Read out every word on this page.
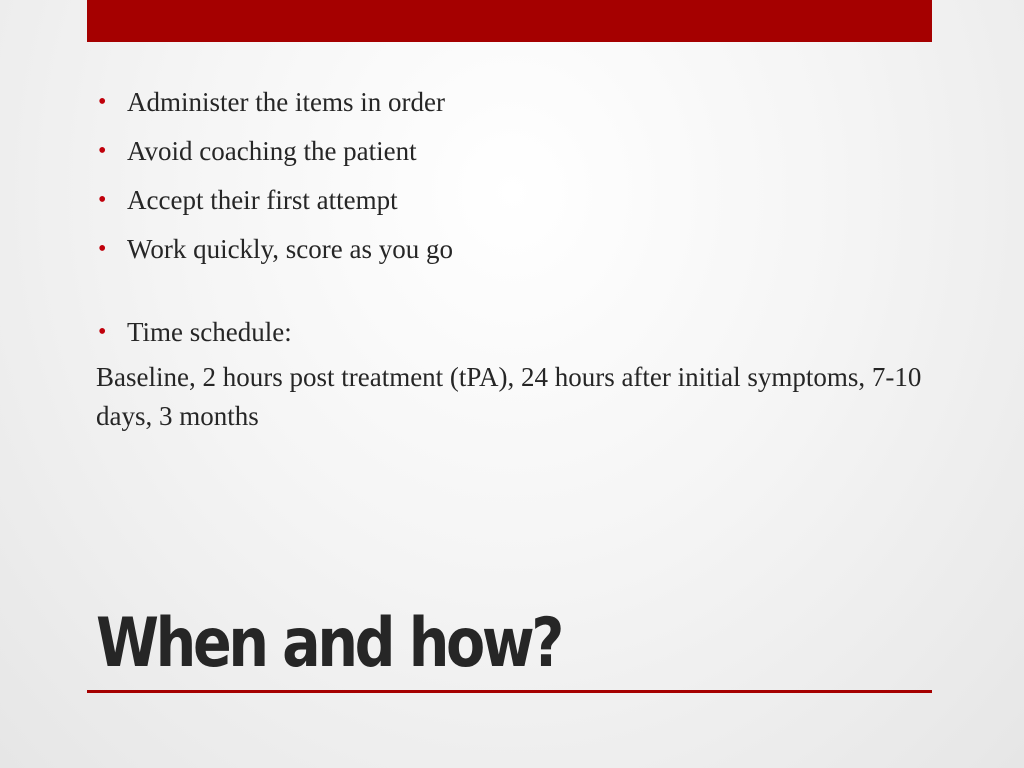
• Administer the items in order
• Avoid coaching the patient
• Accept their first attempt
• Work quickly, score as you go
• Time schedule:

Baseline, 2 hours post treatment (tPA), 24 hours after initial symptoms, 7-10 days, 3 months

When and how?
